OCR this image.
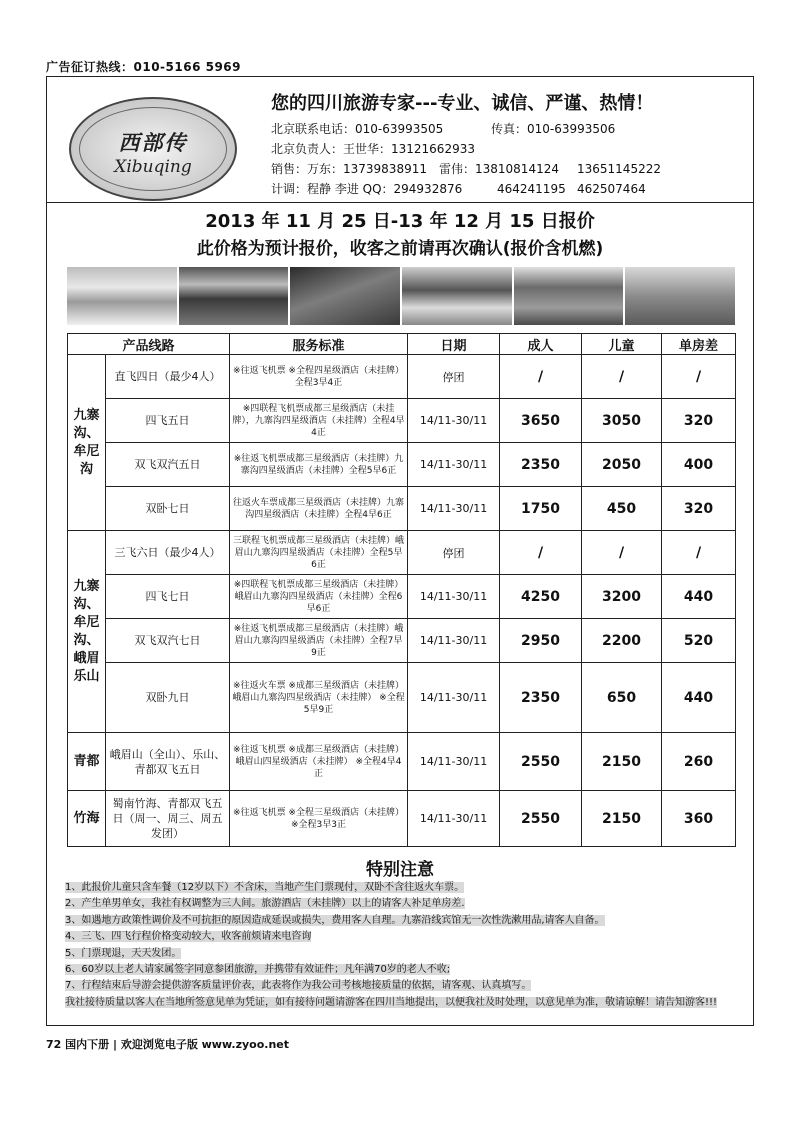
广告征订热线：010-5166 5969
西部传
Xibuqing
您的四川旅游专家---专业、诚信、严谨、热情！
北京联系电话：010-63993505	传真：010-63993506
北京负责人：王世华：13121662933
销售：万东：13739838911 雷伟：13810814124 13651145222
计调：程静 李进 QQ：294932876	464241195 462507464
2013 年 11 月 25 日-13 年 12 月 15 日报价
此价格为预计报价，收客之前请再次确认(报价含机燃)
产品线路		服务标准	日期	成人	儿童	单房差
九寨沟、牟尼沟	直飞四日（最少4人）	※往返飞机票 ※全程四星级酒店（未挂牌）全程3早4正	停团	/	/	/
	四飞五日	※四联程飞机票成都三星级酒店（未挂牌），九寨沟四星级酒店（未挂牌）全程4早4正	14/11-30/11	3650	3050	320
	双飞双汽五日	※往返飞机票成都三星级酒店（未挂牌）九寨沟四星级酒店（未挂牌）全程5早6正	14/11-30/11	2350	2050	400
	双卧七日	往返火车票成都三星级酒店（未挂牌）九寨沟四星级酒店（未挂牌）全程4早6正	14/11-30/11	1750	450	320
九寨沟、牟尼沟、峨眉乐山	三飞六日（最少4人）	三联程飞机票成都三星级酒店（未挂牌）峨眉山九寨沟四星级酒店（未挂牌）全程5早6正	停团	/	/	/
	四飞七日	※四联程飞机票成都三星级酒店（未挂牌）峨眉山九寨沟四星级酒店（未挂牌）全程6早6正	14/11-30/11	4250	3200	440
	双飞双汽七日	※往返飞机票成都三星级酒店（未挂牌）峨眉山九寨沟四星级酒店（未挂牌）全程7早9正	14/11-30/11	2950	2200	520
	双卧九日	※往返火车票 ※成都三星级酒店（未挂牌）峨眉山九寨沟四星级酒店（未挂牌） ※全程5早9正	14/11-30/11	2350	650	440
青都	峨眉山（全山）、乐山、青都双飞五日	※往返飞机票 ※成都三星级酒店（未挂牌）峨眉山四星级酒店（未挂牌） ※全程4早4正	14/11-30/11	2550	2150	260
竹海	蜀南竹海、青都双飞五日（周一、周三、周五发团）	※往返飞机票 ※全程三星级酒店（未挂牌） ※全程3早3正	14/11-30/11	2550	2150	360
特别注意
1、此报价儿童只含车餐（12岁以下）不含床，当地产生门票现付，双卧不含往返火车票。
2、产生单男单女，我社有权调整为三人间。旅游酒店（未挂牌）以上的请客人补足单房差.
3、如遇地方政策性调价及不可抗拒的原因造成延误或损失，费用客人自理。九寨沿线宾馆无一次性洗漱用品,请客人自备。
4、三飞、四飞行程价格变动较大，收客前烦请来电咨询
5、门票现退，天天发团。
6、60岁以上老人请家属签字同意参团旅游，并携带有效证件；凡年满70岁的老人不收;
7、行程结束后导游会提供游客质量评价表，此表将作为我公司考核地接质量的依据，请客观、认真填写。
我社接待质量以客人在当地所签意见单为凭证，如有接待问题请游客在四川当地提出，以便我社及时处理，以意见单为准，敬请谅解！请告知游客!!!
72 国内下册 | 欢迎浏览电子版 www.zyoo.net
